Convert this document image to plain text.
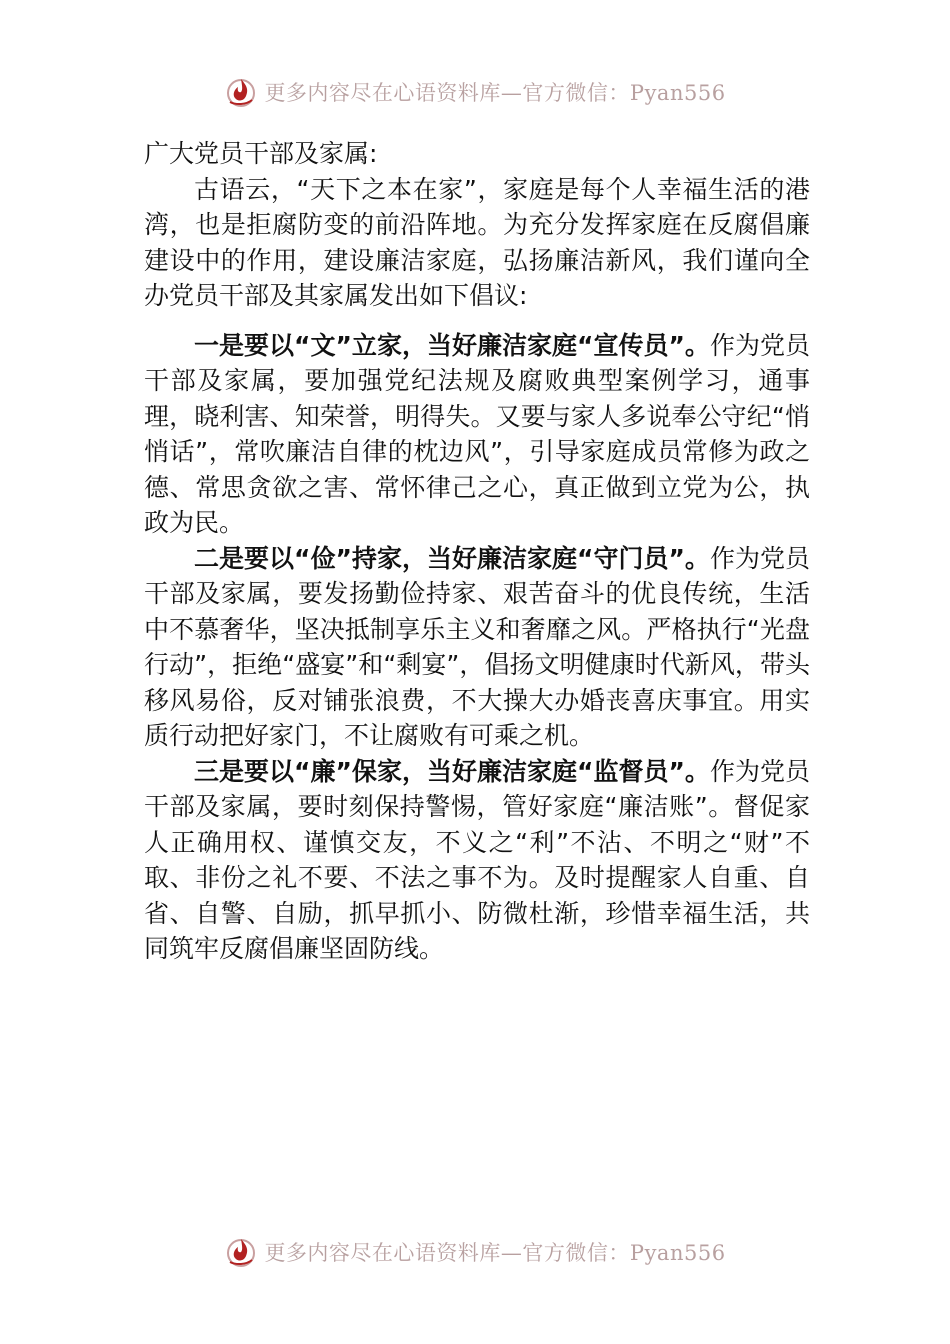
更多内容尽在心语资料库—官方微信：Pyan556

广大党员干部及家属:

古语云，“天下之本在家”，家庭是每个人幸福生活的港湾，也是拒腐防变的前沿阵地。为充分发挥家庭在反腐倡廉建设中的作用，建设廉洁家庭，弘扬廉洁新风，我们谨向全办党员干部及其家属发出如下倡议:

一是要以“文”立家，当好廉洁家庭“宣传员”。作为党员干部及家属，要加强党纪法规及腐败典型案例学习，通事理，晓利害、知荣誉，明得失。又要与家人多说奉公守纪“悄悄话”，常吹廉洁自律的枕边风”，引导家庭成员常修为政之德、常思贪欲之害、常怀律己之心，真正做到立党为公，执政为民。

二是要以“俭”持家，当好廉洁家庭“守门员”。作为党员干部及家属，要发扬勤俭持家、艰苦奋斗的优良传统，生活中不慕奢华，坚决抵制享乐主义和奢靡之风。严格执行“光盘行动”，拒绝“盛宴”和“剩宴”，倡扬文明健康时代新风，带头移风易俗，反对铺张浪费，不大操大办婚丧喜庆事宜。用实质行动把好家门，不让腐败有可乘之机。

三是要以“廉”保家，当好廉洁家庭“监督员”。作为党员干部及家属，要时刻保持警惕，管好家庭“廉洁账”。督促家人正确用权、谨慎交友，不义之“利”不沾、不明之“财”不取、非份之礼不要、不法之事不为。及时提醒家人自重、自省、自警、自励，抓早抓小、防微杜渐，珍惜幸福生活，共同筑牢反腐倡廉坚固防线。

更多内容尽在心语资料库—官方微信：Pyan556
